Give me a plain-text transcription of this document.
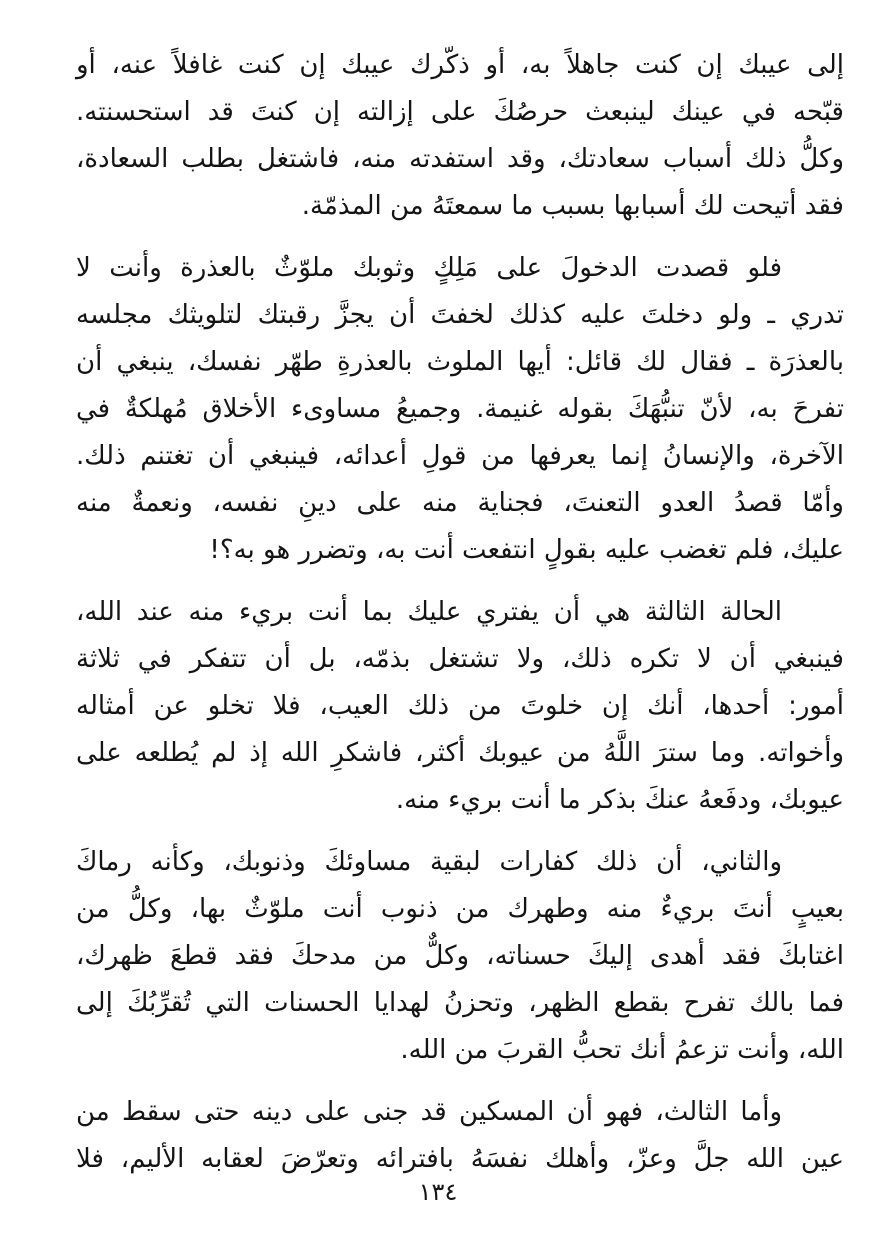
إلى عيبك إن كنت جاهلاً به، أو ذكّرك عيبك إن كنت غافلاً عنه، أو
قبّحه في عينك لينبعث حرصُكَ على إزالته إن كنتَ قد استحسنته.
وكلُّ ذلك أسباب سعادتك، وقد استفدته منه، فاشتغل بطلب السعادة،
فقد أتيحت لك أسبابها بسبب ما سمعتَهُ من المذمّة.

فلو قصدت الدخولَ على مَلِكٍ وثوبك ملوّثٌ بالعذرة وأنت لا
تدري ـ ولو دخلتَ عليه كذلك لخفتَ أن يجزَّ رقبتك لتلويثك مجلسه
بالعذرَة ـ فقال لك قائل: أيها الملوث بالعذرةِ طهّر نفسك، ينبغي أن
تفرحَ به، لأنّ تنبُّهَكَ بقوله غنيمة. وجميعُ مساوىء الأخلاق مُهلكةٌ في
الآخرة، والإنسانُ إنما يعرفها من قولِ أعدائه، فينبغي أن تغتنم ذلك.
وأمّا قصدُ العدو التعنتَ، فجناية منه على دينِ نفسه، ونعمةٌ منه
عليك، فلم تغضب عليه بقولٍ انتفعت أنت به، وتضرر هو به؟!

الحالة الثالثة هي أن يفتري عليك بما أنت بريء منه عند الله،
فينبغي أن لا تكره ذلك، ولا تشتغل بذمّه، بل أن تتفكر في ثلاثة
أمور: أحدها، أنك إن خلوتَ من ذلك العيب، فلا تخلو عن أمثاله
وأخواته. وما سترَ اللَّهُ من عيوبك أكثر، فاشكرِ الله إذ لم يُطلعه على
عيوبك، ودفَعهُ عنكَ بذكر ما أنت بريء منه.

والثاني، أن ذلك كفارات لبقية مساوئكَ وذنوبك، وكأنه رماكَ
بعيبٍ أنتَ بريءٌ منه وطهرك من ذنوب أنت ملوّثٌ بها، وكلُّ من
اغتابكَ فقد أهدى إليكَ حسناته، وكلٌّ من مدحكَ فقد قطعَ ظهرك،
فما بالك تفرح بقطع الظهر، وتحزنُ لهدايا الحسنات التي تُقرِّبُكَ إلى
الله، وأنت تزعمُ أنك تحبُّ القربَ من الله.

وأما الثالث، فهو أن المسكين قد جنى على دينه حتى سقط من
عين الله جلَّ وعزّ، وأهلك نفسَهُ بافترائه وتعرّضَ لعقابه الأليم، فلا

١٣٤
